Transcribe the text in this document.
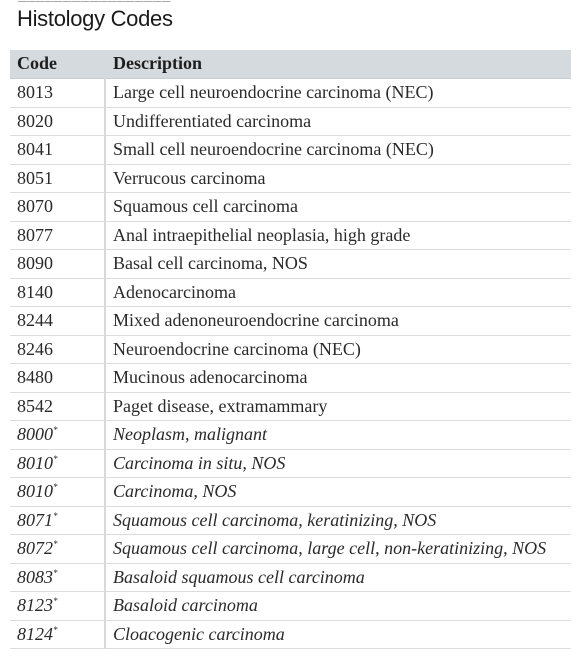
Histology Codes
Code	Description
8013	Large cell neuroendocrine carcinoma (NEC)
8020	Undifferentiated carcinoma
8041	Small cell neuroendocrine carcinoma (NEC)
8051	Verrucous carcinoma
8070	Squamous cell carcinoma
8077	Anal intraepithelial neoplasia, high grade
8090	Basal cell carcinoma, NOS
8140	Adenocarcinoma
8244	Mixed adenoneuroendocrine carcinoma
8246	Neuroendocrine carcinoma (NEC)
8480	Mucinous adenocarcinoma
8542	Paget disease, extramammary
8000*	Neoplasm, malignant
8010*	Carcinoma in situ, NOS
8010*	Carcinoma, NOS
8071*	Squamous cell carcinoma, keratinizing, NOS
8072*	Squamous cell carcinoma, large cell, non-keratinizing, NOS
8083*	Basaloid squamous cell carcinoma
8123*	Basaloid carcinoma
8124*	Cloacogenic carcinoma
